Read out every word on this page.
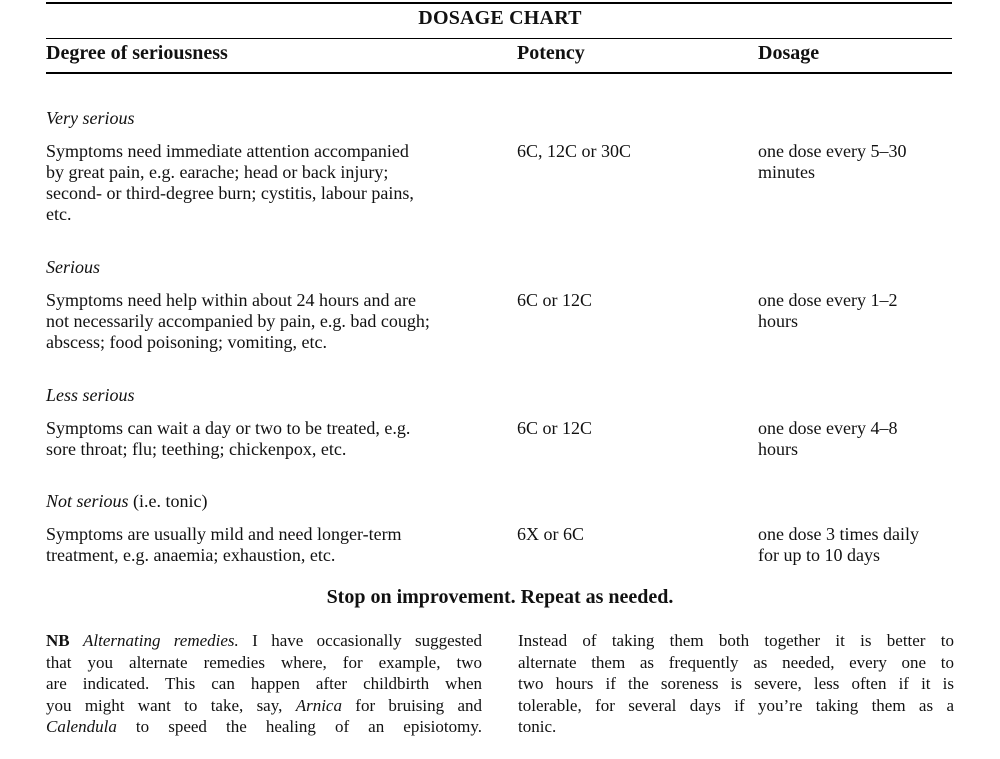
DOSAGE CHART
Degree of seriousness	Potency	Dosage
Very serious
Symptoms need immediate attention accompanied
by great pain, e.g. earache; head or back injury;
second- or third-degree burn; cystitis, labour pains,
etc.
6C, 12C or 30C	one dose every 5–30
minutes
Serious
Symptoms need help within about 24 hours and are
not necessarily accompanied by pain, e.g. bad cough;
abscess; food poisoning; vomiting, etc.
6C or 12C	one dose every 1–2
hours
Less serious
Symptoms can wait a day or two to be treated, e.g.
sore throat; flu; teething; chickenpox, etc.
6C or 12C	one dose every 4–8
hours
Not serious (i.e. tonic)
Symptoms are usually mild and need longer-term
treatment, e.g. anaemia; exhaustion, etc.
6X or 6C	one dose 3 times daily
for up to 10 days
Stop on improvement. Repeat as needed.
NB Alternating remedies. I have occasionally suggested
that you alternate remedies where, for example, two
are indicated. This can happen after childbirth when
you might want to take, say, Arnica for bruising and
Calendula to speed the healing of an episiotomy.
Instead of taking them both together it is better to
alternate them as frequently as needed, every one to
two hours if the soreness is severe, less often if it is
tolerable, for several days if you’re taking them as a
tonic.
